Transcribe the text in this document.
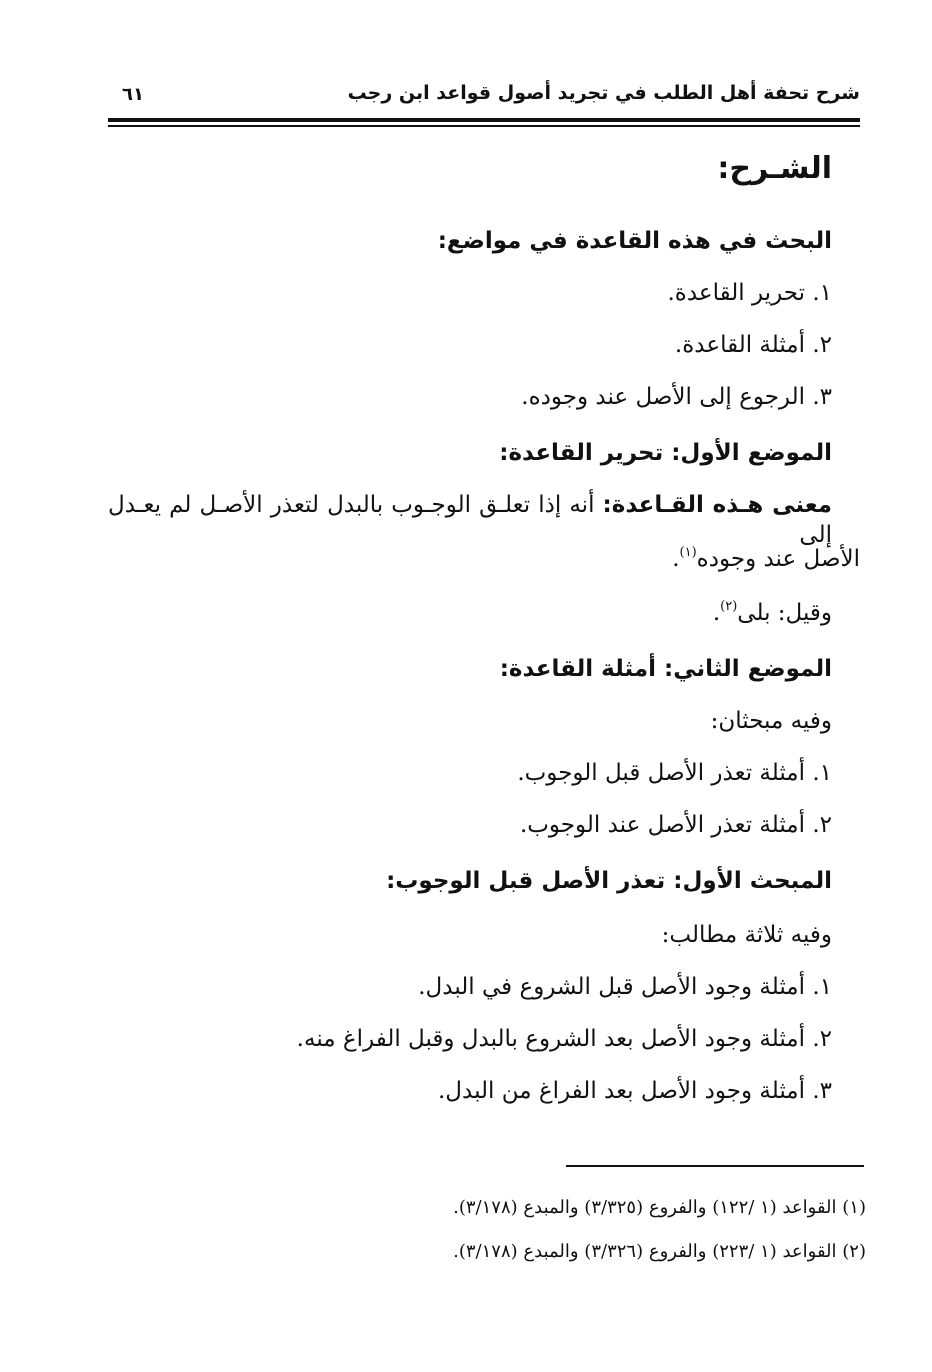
شرح تحفة أهل الطلب في تجريد أصول قواعد ابن رجب
٦١
الشـرح:
البحث في هذه القاعدة في مواضع:
١. تحرير القاعدة.
٢. أمثلة القاعدة.
٣. الرجوع إلى الأصل عند وجوده.
الموضع الأول: تحرير القاعدة:
معنى هـذه القـاعدة: أنه إذا تعلـق الوجـوب بالبدل لتعذر الأصـل لم يعـدل إلى
الأصل عند وجوده$^{(١)}$.
وقيل: بلى$^{(٢)}$.
الموضع الثاني: أمثلة القاعدة:
وفيه مبحثان:
١. أمثلة تعذر الأصل قبل الوجوب.
٢. أمثلة تعذر الأصل عند الوجوب.
المبحث الأول: تعذر الأصل قبل الوجوب:
وفيه ثلاثة مطالب:
١. أمثلة وجود الأصل قبل الشروع في البدل.
٢. أمثلة وجود الأصل بعد الشروع بالبدل وقبل الفراغ منه.
٣. أمثلة وجود الأصل بعد الفراغ من البدل.
(١) القواعد (١ /١٢٢) والفروع (٣/٣٢٥) والمبدع (٣/١٧٨).
(٢) القواعد (١ /٢٢٣) والفروع (٣/٣٢٦) والمبدع (٣/١٧٨).
